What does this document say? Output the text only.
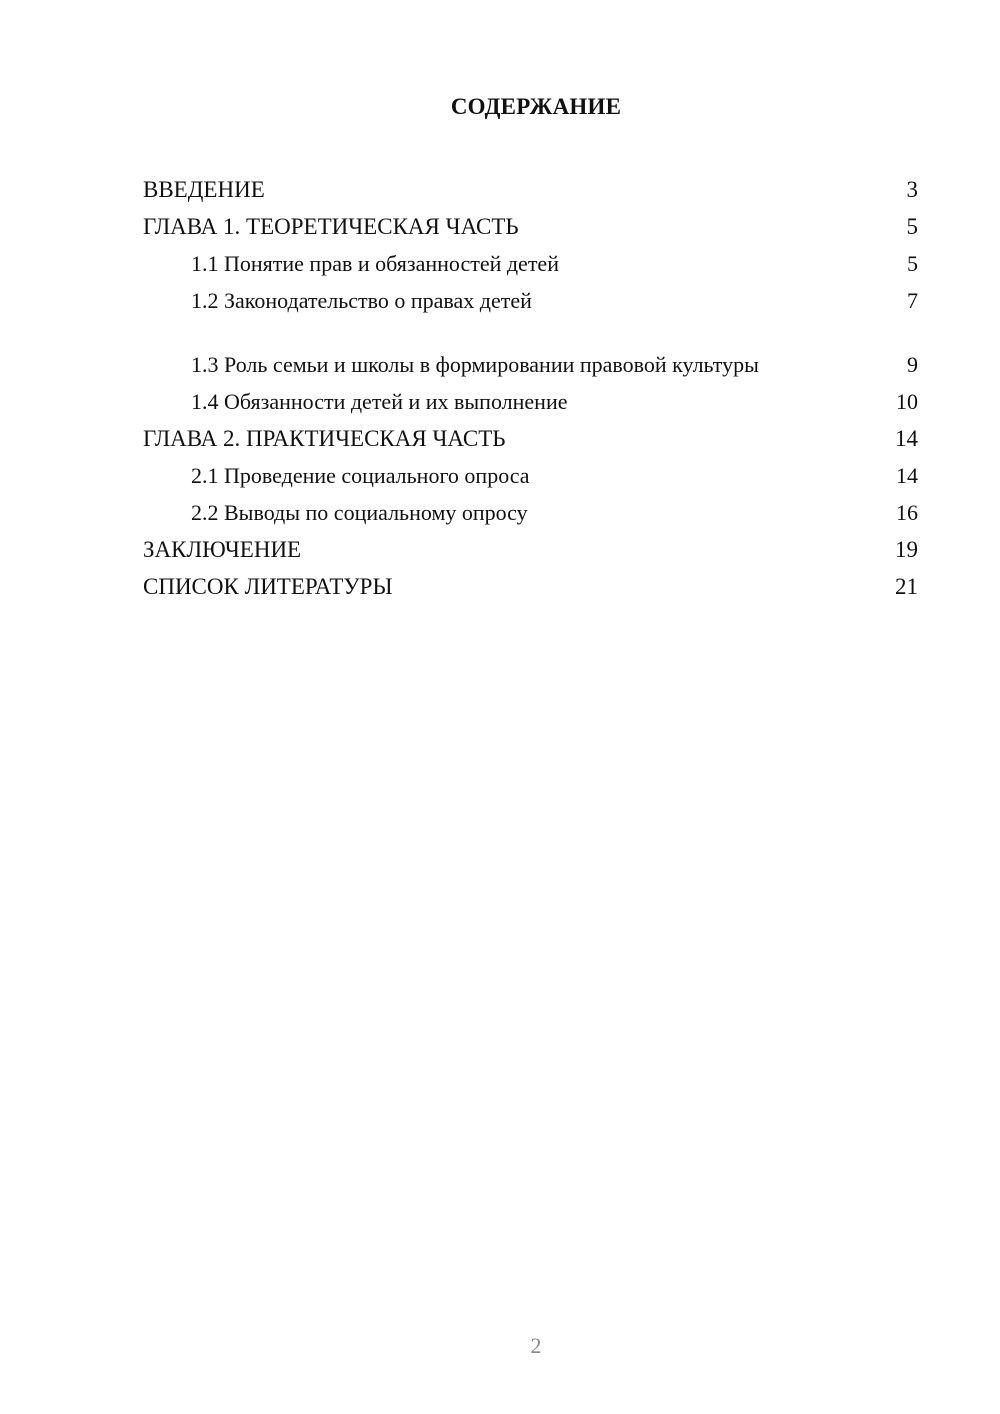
СОДЕРЖАНИЕ
ВВЕДЕНИЕ	3
ГЛАВА 1. ТЕОРЕТИЧЕСКАЯ ЧАСТЬ	5
1.1 Понятие прав и обязанностей детей	5
1.2 Законодательство о правах детей	7
1.3 Роль семьи и школы в формировании правовой культуры	9
1.4 Обязанности детей и их выполнение	10
ГЛАВА 2. ПРАКТИЧЕСКАЯ ЧАСТЬ	14
2.1 Проведение социального опроса	14
2.2 Выводы по социальному опросу	16
ЗАКЛЮЧЕНИЕ	19
СПИСОК ЛИТЕРАТУРЫ	21
2
